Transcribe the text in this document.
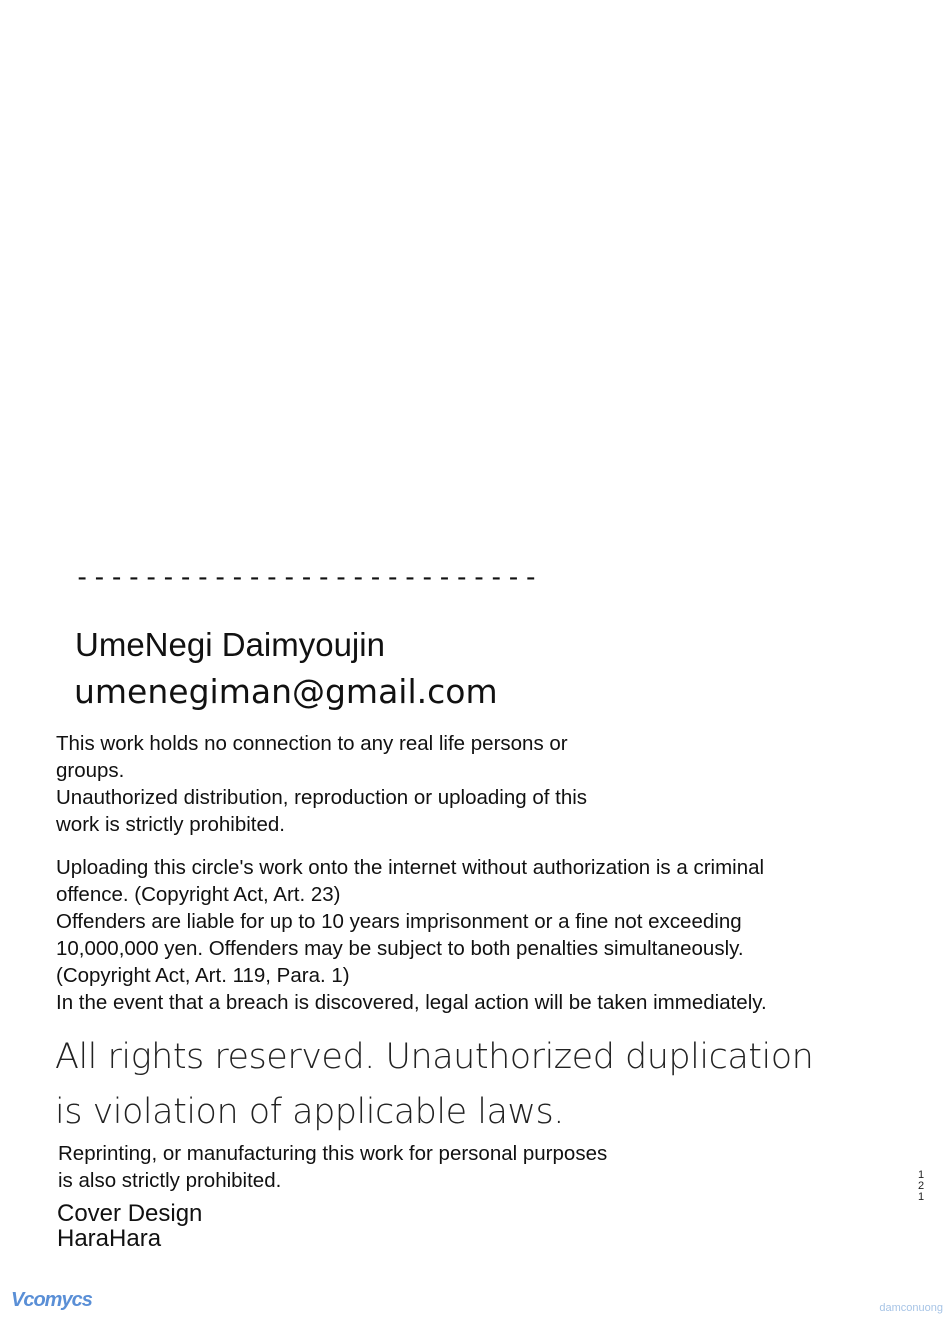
---------------------------
UmeNegi Daimyoujin
umenegiman@gmail.com

This work holds no connection to any real life persons or

groups.

Unauthorized distribution, reproduction or uploading of this

work is strictly prohibited.

Uploading this circle's work onto the internet without authorization is a criminal

offence. (Copyright Act, Art. 23)

Offenders are liable for up to 10 years imprisonment or a fine not exceeding

10,000,000 yen. Offenders may be subject to both penalties simultaneously.

(Copyright Act, Art. 119, Para. 1)

In the event that a breach is discovered, legal action will be taken immediately.

All rights reserved. Unauthorized duplication

is violation of applicable laws.

Reprinting, or manufacturing this work for personal purposes

is also strictly prohibited.

Cover Design

HaraHara

1
2
1
Vcomycs	damconuong
